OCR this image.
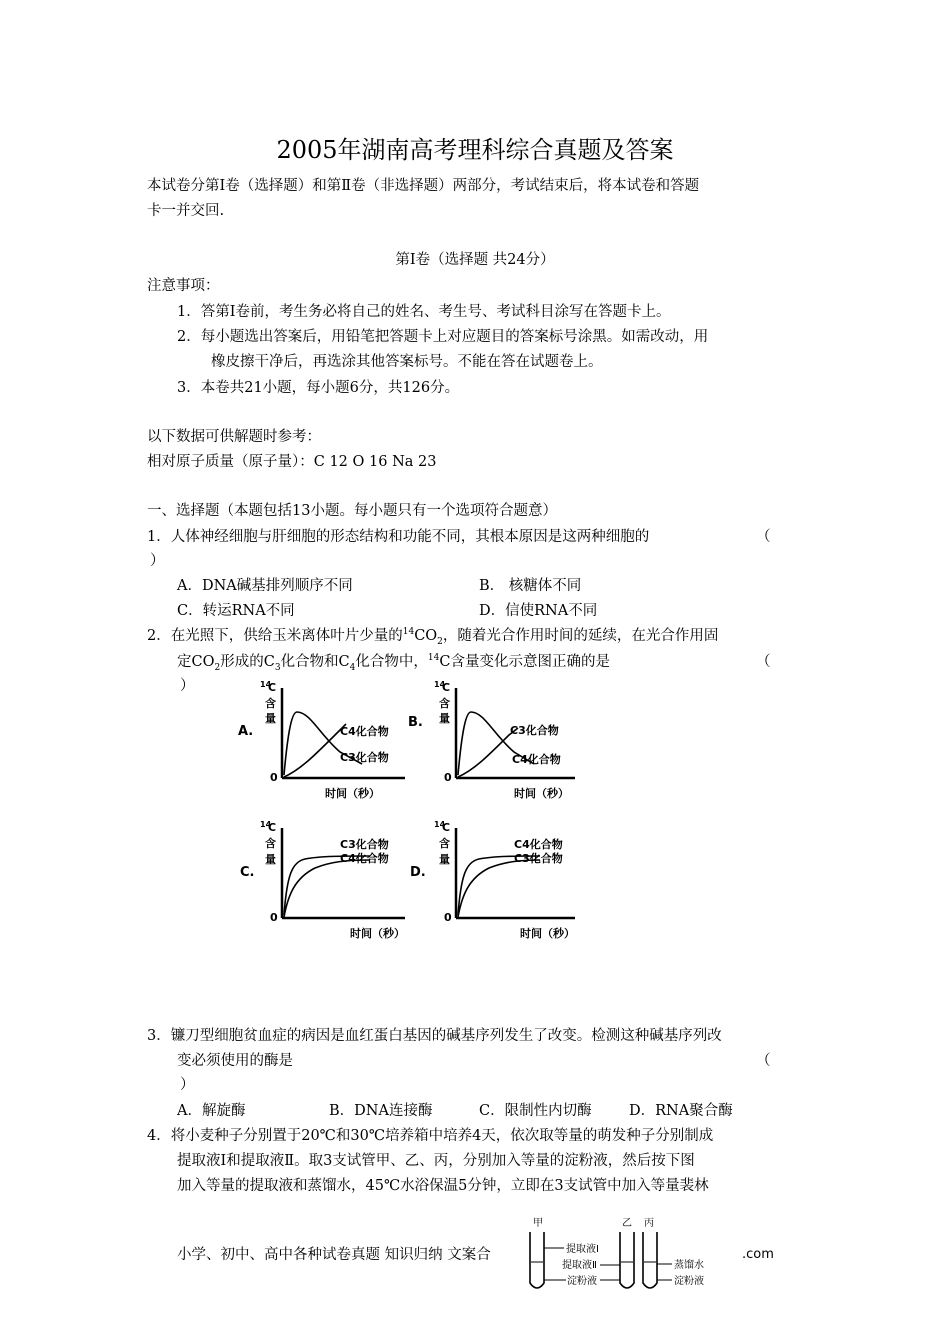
2005年湖南高考理科综合真题及答案
本试卷分第Ⅰ卷（选择题）和第Ⅱ卷（非选择题）两部分，考试结束后，将本试卷和答题
卡一并交回.
第Ⅰ卷（选择题 共24分）
注意事项：
1．答第Ⅰ卷前，考生务必将自己的姓名、考生号、考试科目涂写在答题卡上。
2．每小题选出答案后，用铅笔把答题卡上对应题目的答案标号涂黑。如需改动，用
橡皮擦干净后，再选涂其他答案标号。不能在答在试题卷上。
3．本卷共21小题，每小题6分，共126分。
以下数据可供解题时参考：
相对原子质量（原子量）：C 12 O 16 Na 23
一、选择题（本题包括13小题。每小题只有一个选项符合题意）
1．人体神经细胞与肝细胞的形态结构和功能不同，其根本原因是这两种细胞的	（
）
A．DNA碱基排列顺序不同	B． 核糖体不同
C．转运RNA不同	D．信使RNA不同
2．在光照下，供给玉米离体叶片少量的$^{14}CO_2$，随着光合作用时间的延续，在光合作用固
定$CO_2$形成的$C_3$化合物和$C_4$化合物中，$^{14}$C含量变化示意图正确的是	（
）	14
C
含
量
0
时间（秒）
A.	C4化合物
C3化合物
14
C
含
量
0
时间（秒）
B.
C3化合物
C4化合物
14
C
含
量
0
时间（秒）
C.
C3化合物
C4化合物
14
C
含
量
0
时间（秒）
D.
C4化合物
C3化合物
甲	乙 丙
提取液Ⅰ
提取液Ⅱ
淀粉液
蒸馏水
淀粉液
3．镰刀型细胞贫血症的病因是血红蛋白基因的碱基序列发生了改变。检测这种碱基序列改
变必须使用的酶是	（
）
A．解旋酶	B．DNA连接酶	C．限制性内切酶	D．RNA聚合酶
4．将小麦种子分别置于20℃和30℃培养箱中培养4天，依次取等量的萌发种子分别制成
提取液Ⅰ和提取液Ⅱ。取3支试管甲、乙、丙，分别加入等量的淀粉液，然后按下图
加入等量的提取液和蒸馏水，45℃水浴保温5分钟，立即在3支试管中加入等量裴林
小学、初中、高中各种试卷真题 知识归纳 文案合	.com
